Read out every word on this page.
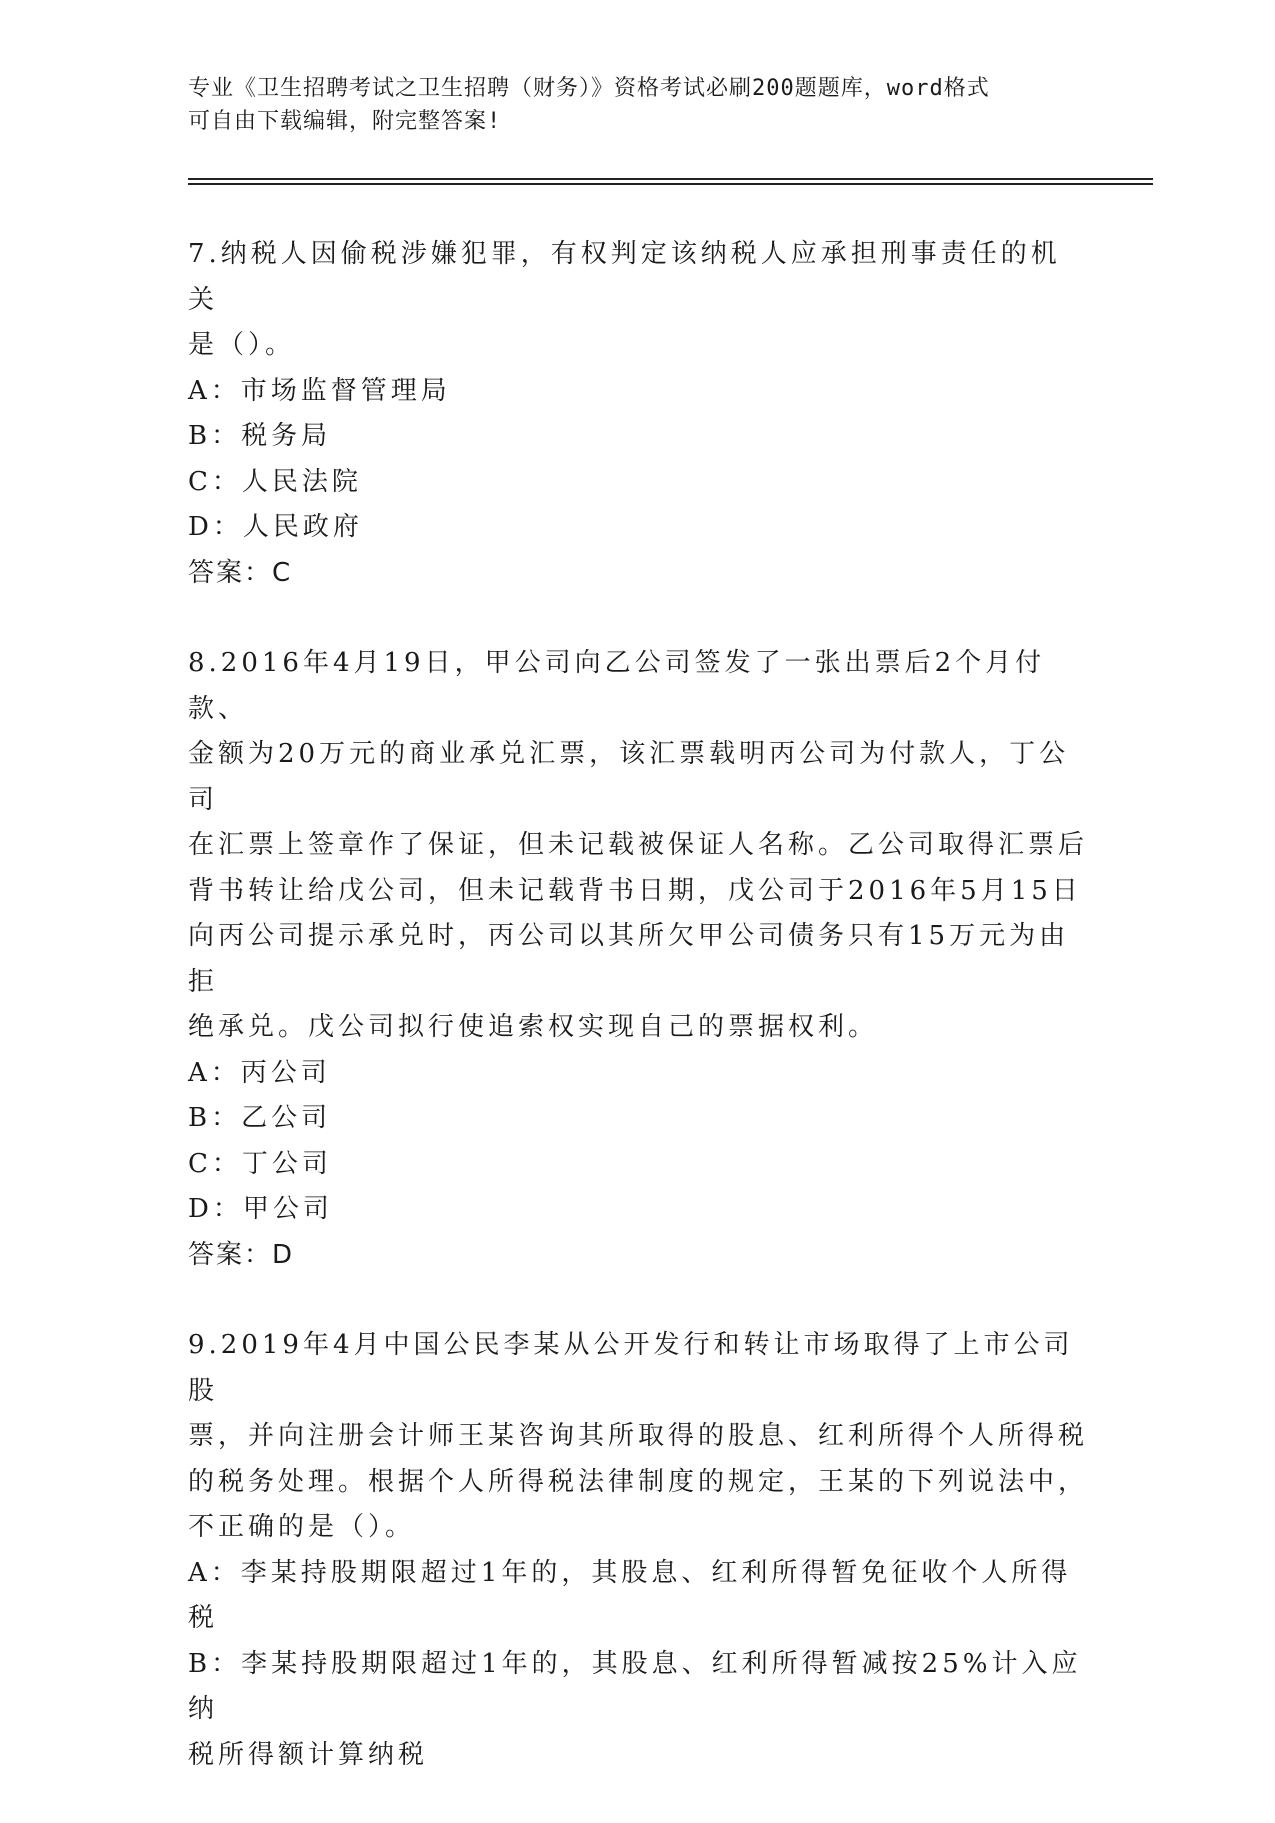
专业《卫生招聘考试之卫生招聘（财务）》资格考试必刷200题题库，word格式
可自由下载编辑，附完整答案!

7.纳税人因偷税涉嫌犯罪，有权判定该纳税人应承担刑事责任的机关

是（）。

A：市场监督管理局

B：税务局

C：人民法院

D：人民政府

答案：C

8.2016年4月19日，甲公司向乙公司签发了一张出票后2个月付款、

金额为20万元的商业承兑汇票，该汇票载明丙公司为付款人，丁公司

在汇票上签章作了保证，但未记载被保证人名称。乙公司取得汇票后

背书转让给戊公司，但未记载背书日期，戊公司于2016年5月15日

向丙公司提示承兑时，丙公司以其所欠甲公司债务只有15万元为由拒

绝承兑。戊公司拟行使追索权实现自己的票据权利。

A：丙公司

B：乙公司

C：丁公司

D：甲公司

答案：D

9.2019年4月中国公民李某从公开发行和转让市场取得了上市公司股

票，并向注册会计师王某咨询其所取得的股息、红利所得个人所得税

的税务处理。根据个人所得税法律制度的规定，王某的下列说法中，

不正确的是（）。

A：李某持股期限超过1年的，其股息、红利所得暂免征收个人所得税

B：李某持股期限超过1年的，其股息、红利所得暂减按25%计入应纳

税所得额计算纳税
